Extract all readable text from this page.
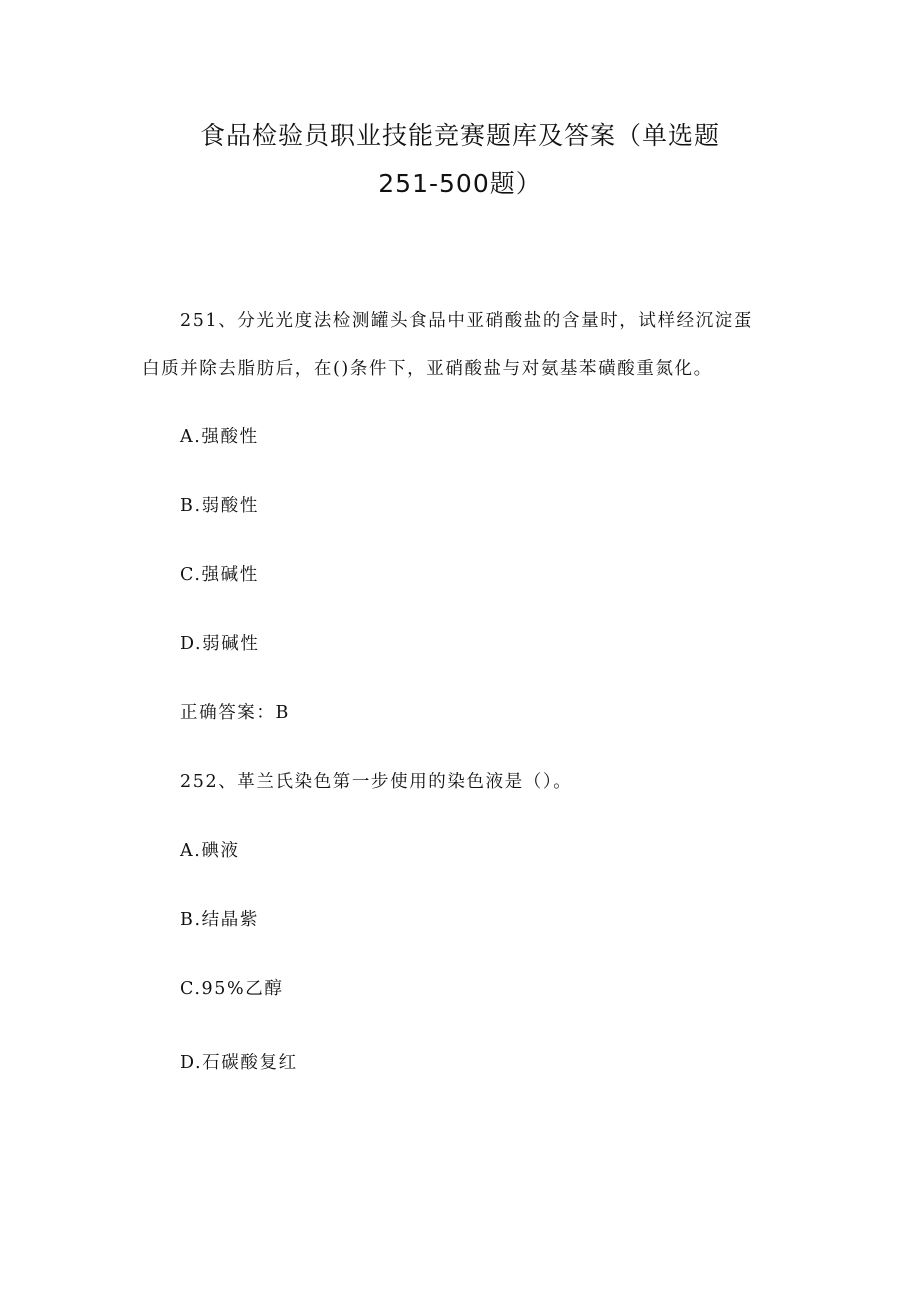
食品检验员职业技能竞赛题库及答案（单选题
251-500题）
251、分光光度法检测罐头食品中亚硝酸盐的含量时，试样经沉淀蛋
白质并除去脂肪后，在()条件下，亚硝酸盐与对氨基苯磺酸重氮化。
A.强酸性
B.弱酸性
C.强碱性
D.弱碱性
正确答案：B
252、革兰氏染色第一步使用的染色液是（）。
A.碘液
B.结晶紫
C.95%乙醇
D.石碳酸复红
